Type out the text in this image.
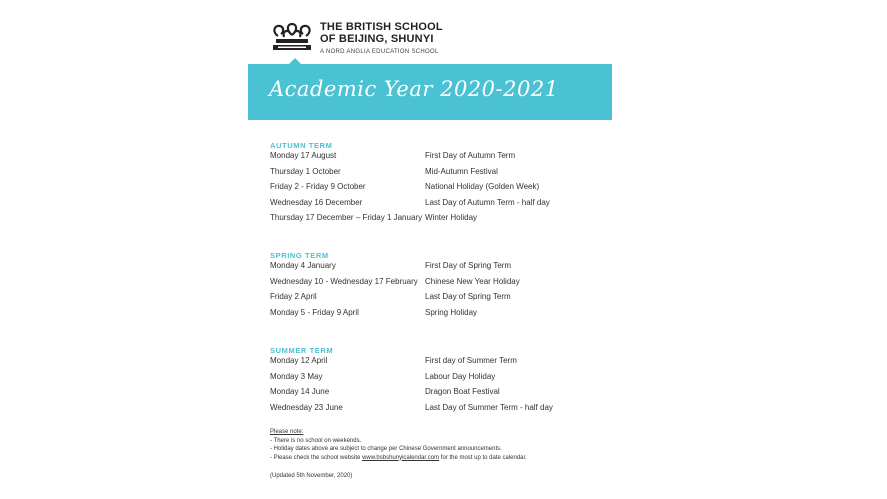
THE BRITISH SCHOOL
OF BEIJING, SHUNYI
A NORD ANGLIA EDUCATION SCHOOL
Academic Year 2020-2021
AUTUMN TERM
Monday 17 August	First Day of Autumn Term
Thursday 1 October	Mid-Autumn Festival
Friday 2 - Friday 9 October	National Holiday (Golden Week)
Wednesday 16 December	Last Day of Autumn Term - half day
Thursday 17 December – Friday 1 January Winter Holiday
SPRING TERM
Monday 4 January	First Day of Spring Term
Wednesday 10 - Wednesday 17 February Chinese New Year Holiday
Friday 2 April	Last Day of Spring Term
Monday 5 - Friday 9 April	Spring Holiday
SUMMER TERM
Monday 12 April	First day of Summer Term
Monday 3 May	Labour Day Holiday
Monday 14 June	Dragon Boat Festival
Wednesday 23 June	Last Day of Summer Term - half day
Please note:
- There is no school on weekends.
- Holiday dates above are subject to change per Chinese Government announcements.
- Please check the school website www.bsbshunyicalendar.com for the most up to date calendar.
(Updated 5th November, 2020)
